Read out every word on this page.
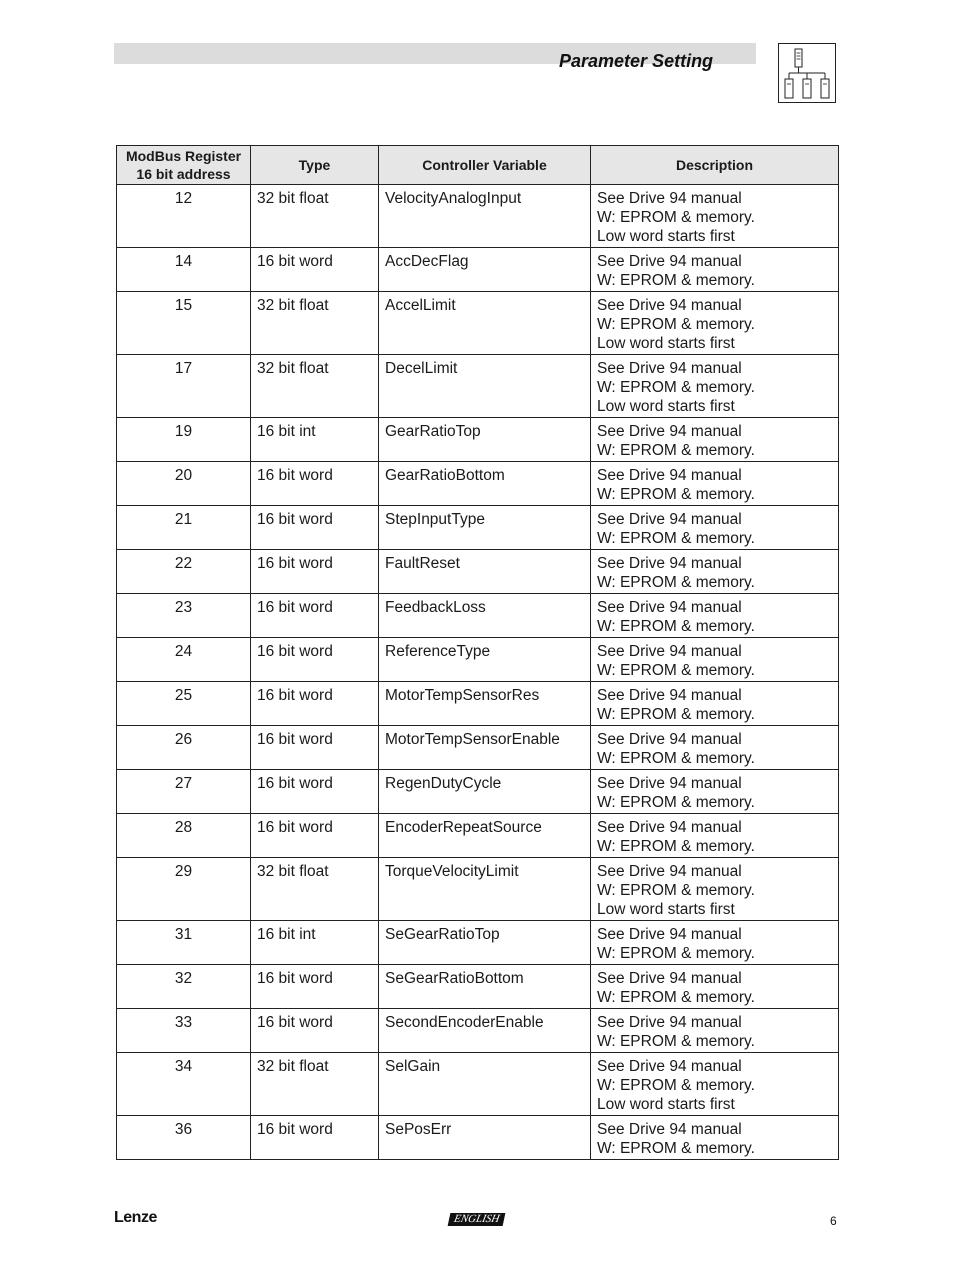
Parameter Setting
ModBus Register
16 bit address	Type	Controller Variable	Description

12	32 bit float	VelocityAnalogInput	See Drive 94 manual
W: EPROM & memory.
Low word starts first

14	16 bit word	AccDecFlag	See Drive 94 manual
W: EPROM & memory.

15	32 bit float	AccelLimit	See Drive 94 manual
W: EPROM & memory.
Low word starts first

17	32 bit float	DecelLimit	See Drive 94 manual
W: EPROM & memory.
Low word starts first

19	16 bit int	GearRatioTop	See Drive 94 manual
W: EPROM & memory.

20	16 bit word	GearRatioBottom	See Drive 94 manual
W: EPROM & memory.

21	16 bit word	StepInputType	See Drive 94 manual
W: EPROM & memory.

22	16 bit word	FaultReset	See Drive 94 manual
W: EPROM & memory.

23	16 bit word	FeedbackLoss	See Drive 94 manual
W: EPROM & memory.

24	16 bit word	ReferenceType	See Drive 94 manual
W: EPROM & memory.

25	16 bit word	MotorTempSensorRes	See Drive 94 manual
W: EPROM & memory.

26	16 bit word	MotorTempSensorEnable	See Drive 94 manual
W: EPROM & memory.

27	16 bit word	RegenDutyCycle	See Drive 94 manual
W: EPROM & memory.

28	16 bit word	EncoderRepeatSource	See Drive 94 manual
W: EPROM & memory.

29	32 bit float	TorqueVelocityLimit	See Drive 94 manual
W: EPROM & memory.
Low word starts first

31	16 bit int	SeGearRatioTop	See Drive 94 manual
W: EPROM & memory.

32	16 bit word	SeGearRatioBottom	See Drive 94 manual
W: EPROM & memory.

33	16 bit word	SecondEncoderEnable	See Drive 94 manual
W: EPROM & memory.

34	32 bit float	SelGain	See Drive 94 manual
W: EPROM & memory.
Low word starts first

36	16 bit word	SePosErr	See Drive 94 manual
W: EPROM & memory.
Lenze	ENGLISH	6
